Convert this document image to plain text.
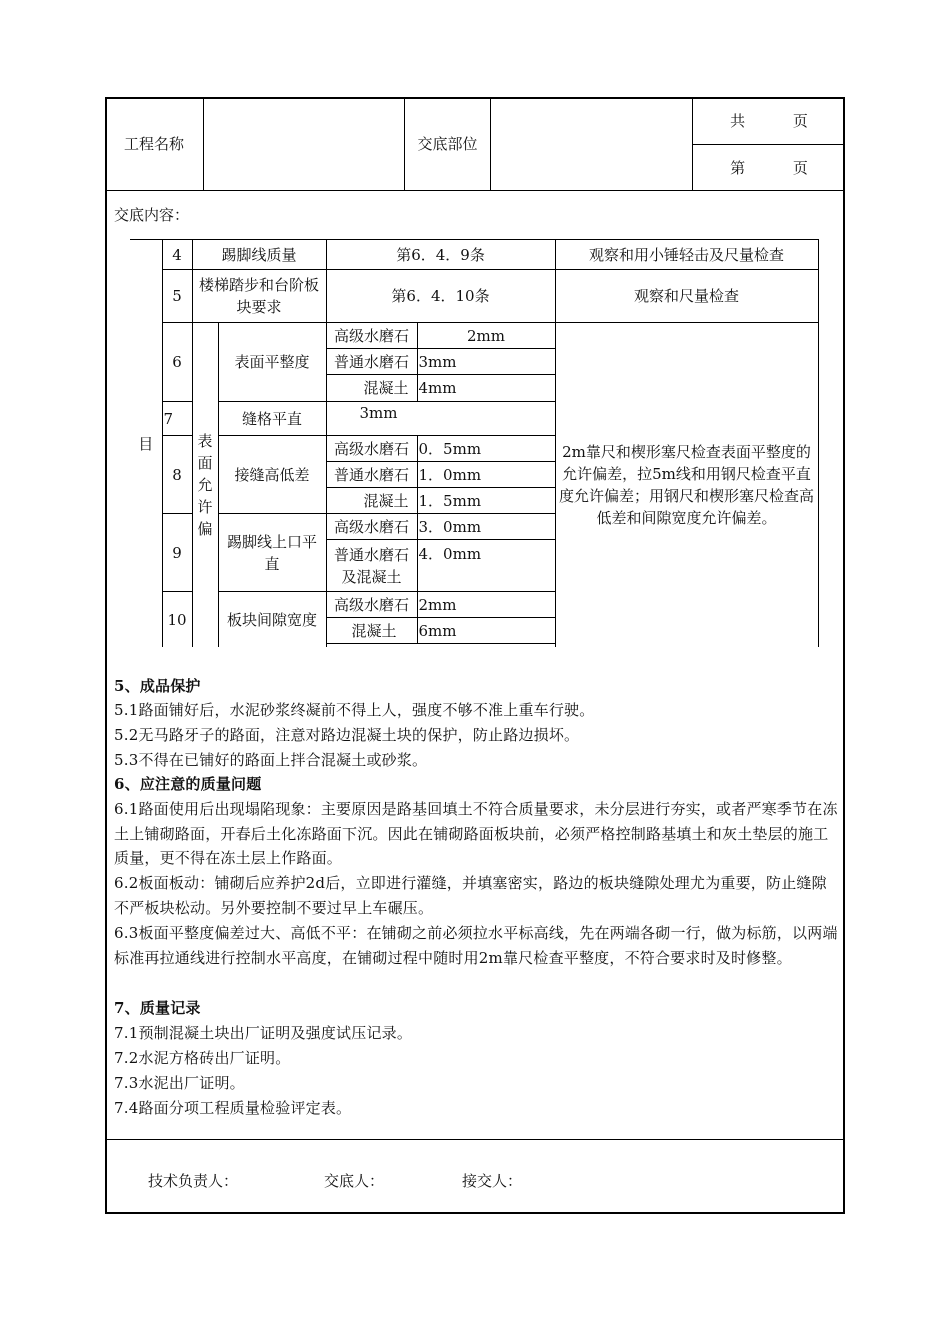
工程名称	交底部位
共          页
第          页
交底内容：
目	4	踢脚线质量		第6．4．9条		观察和用小锤轻击及尺量检查
	5	楼梯踏步和台阶板块要求		第6．4．10条		观察和尺量检查
	6	表面允许偏	表面平整度	高级水磨石	2mm	2m靠尺和楔形塞尺检查表面平整度的允许偏差，拉5m线和用钢尺检查平直度允许偏差；用钢尺和楔形塞尺检查高低差和间隙宽度允许偏差。
				普通水磨石	3mm	
				混凝土	4mm	
	7		缝格平直	3mm		
	8		接缝高低差	高级水磨石	0．5mm	
				普通水磨石	1．0mm	
				混凝土	1．5mm	
	9		踢脚线上口平直	高级水磨石	3．0mm	
				普通水磨石及混凝土	4．0mm	
	10		板块间隙宽度	高级水磨石	2mm	
				混凝土	6mm	

5、成品保护
5.1路面铺好后，水泥砂浆终凝前不得上人，强度不够不准上重车行驶。
5.2无马路牙子的路面，注意对路边混凝土块的保护，防止路边损坏。
5.3不得在已铺好的路面上拌合混凝土或砂浆。
6、应注意的质量问题
6.1路面使用后出现塌陷现象：主要原因是路基回填土不符合质量要求，未分层进行夯实，或者严寒季节在冻土上铺砌路面，开春后土化冻路面下沉。因此在铺砌路面板块前，必须严格控制路基填土和灰土垫层的施工质量，更不得在冻土层上作路面。
6.2板面板动：铺砌后应养护2d后，立即进行灌缝，并填塞密实，路边的板块缝隙处理尤为重要，防止缝隙不严板块松动。另外要控制不要过早上车碾压。
6.3板面平整度偏差过大、高低不平：在铺砌之前必须拉水平标高线，先在两端各砌一行，做为标筋，以两端标准再拉通线进行控制水平高度，在铺砌过程中随时用2m靠尺检查平整度，不符合要求时及时修整。
7、质量记录
7.1预制混凝土块出厂证明及强度试压记录。
7.2水泥方格砖出厂证明。
7.3水泥出厂证明。
7.4路面分项工程质量检验评定表。
技术负责人：	交底人：	接交人：
